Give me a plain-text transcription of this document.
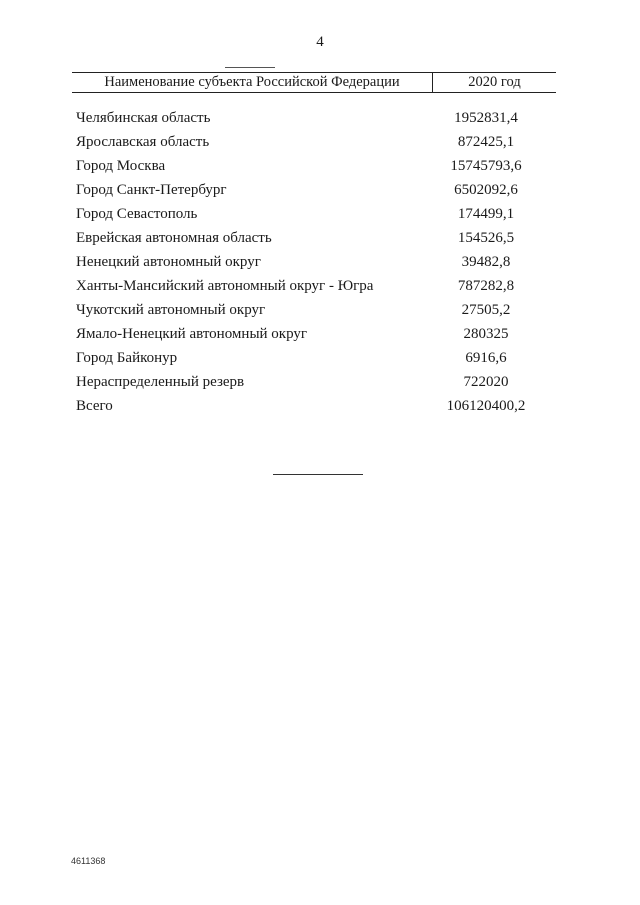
4
Наименование субъекта Российской Федерации	2020 год
Челябинская область	1952831,4
Ярославская область	872425,1
Город Москва	15745793,6
Город Санкт-Петербург	6502092,6
Город Севастополь	174499,1
Еврейская автономная область	154526,5
Ненецкий автономный округ	39482,8
Ханты-Мансийский автономный округ - Югра	787282,8
Чукотский автономный округ	27505,2
Ямало-Ненецкий автономный округ	280325
Город Байконур	6916,6
Нераспределенный резерв	722020
Всего	106120400,2
4611368
